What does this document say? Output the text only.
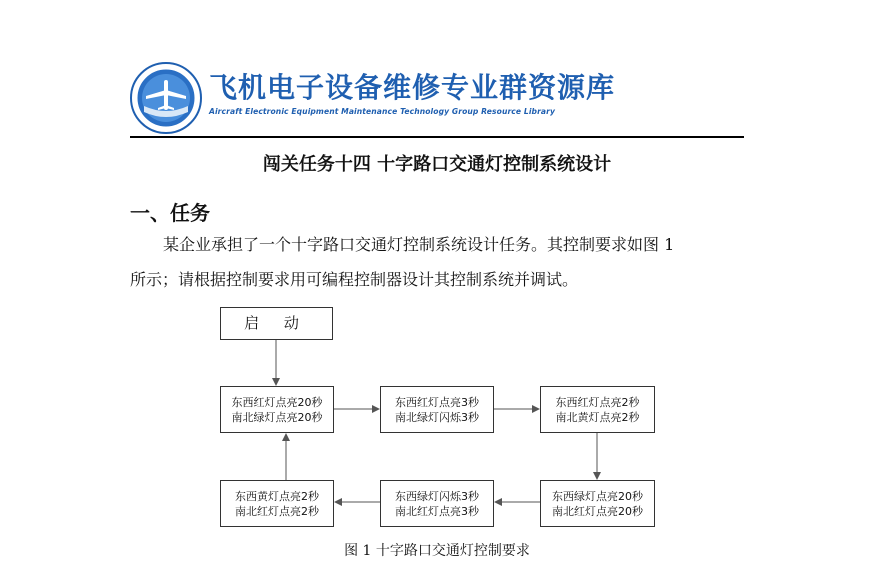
飞机电子设备维修专业群资源库
Aircraft Electronic Equipment Maintenance Technology Group Resource Library
闯关任务十四 十字路口交通灯控制系统设计
一、任务
某企业承担了一个十字路口交通灯控制系统设计任务。其控制要求如图 1
所示；请根据控制要求用可编程控制器设计其控制系统并调试。
启 动
东西红灯点亮20秒
南北绿灯点亮20秒
东西红灯点亮3秒
南北绿灯闪烁3秒
东西红灯点亮2秒
南北黄灯点亮2秒
东西绿灯点亮20秒
南北红灯点亮20秒
东西绿灯闪烁3秒
南北红灯点亮3秒
东西黄灯点亮2秒
南北红灯点亮2秒
图 1 十字路口交通灯控制要求
